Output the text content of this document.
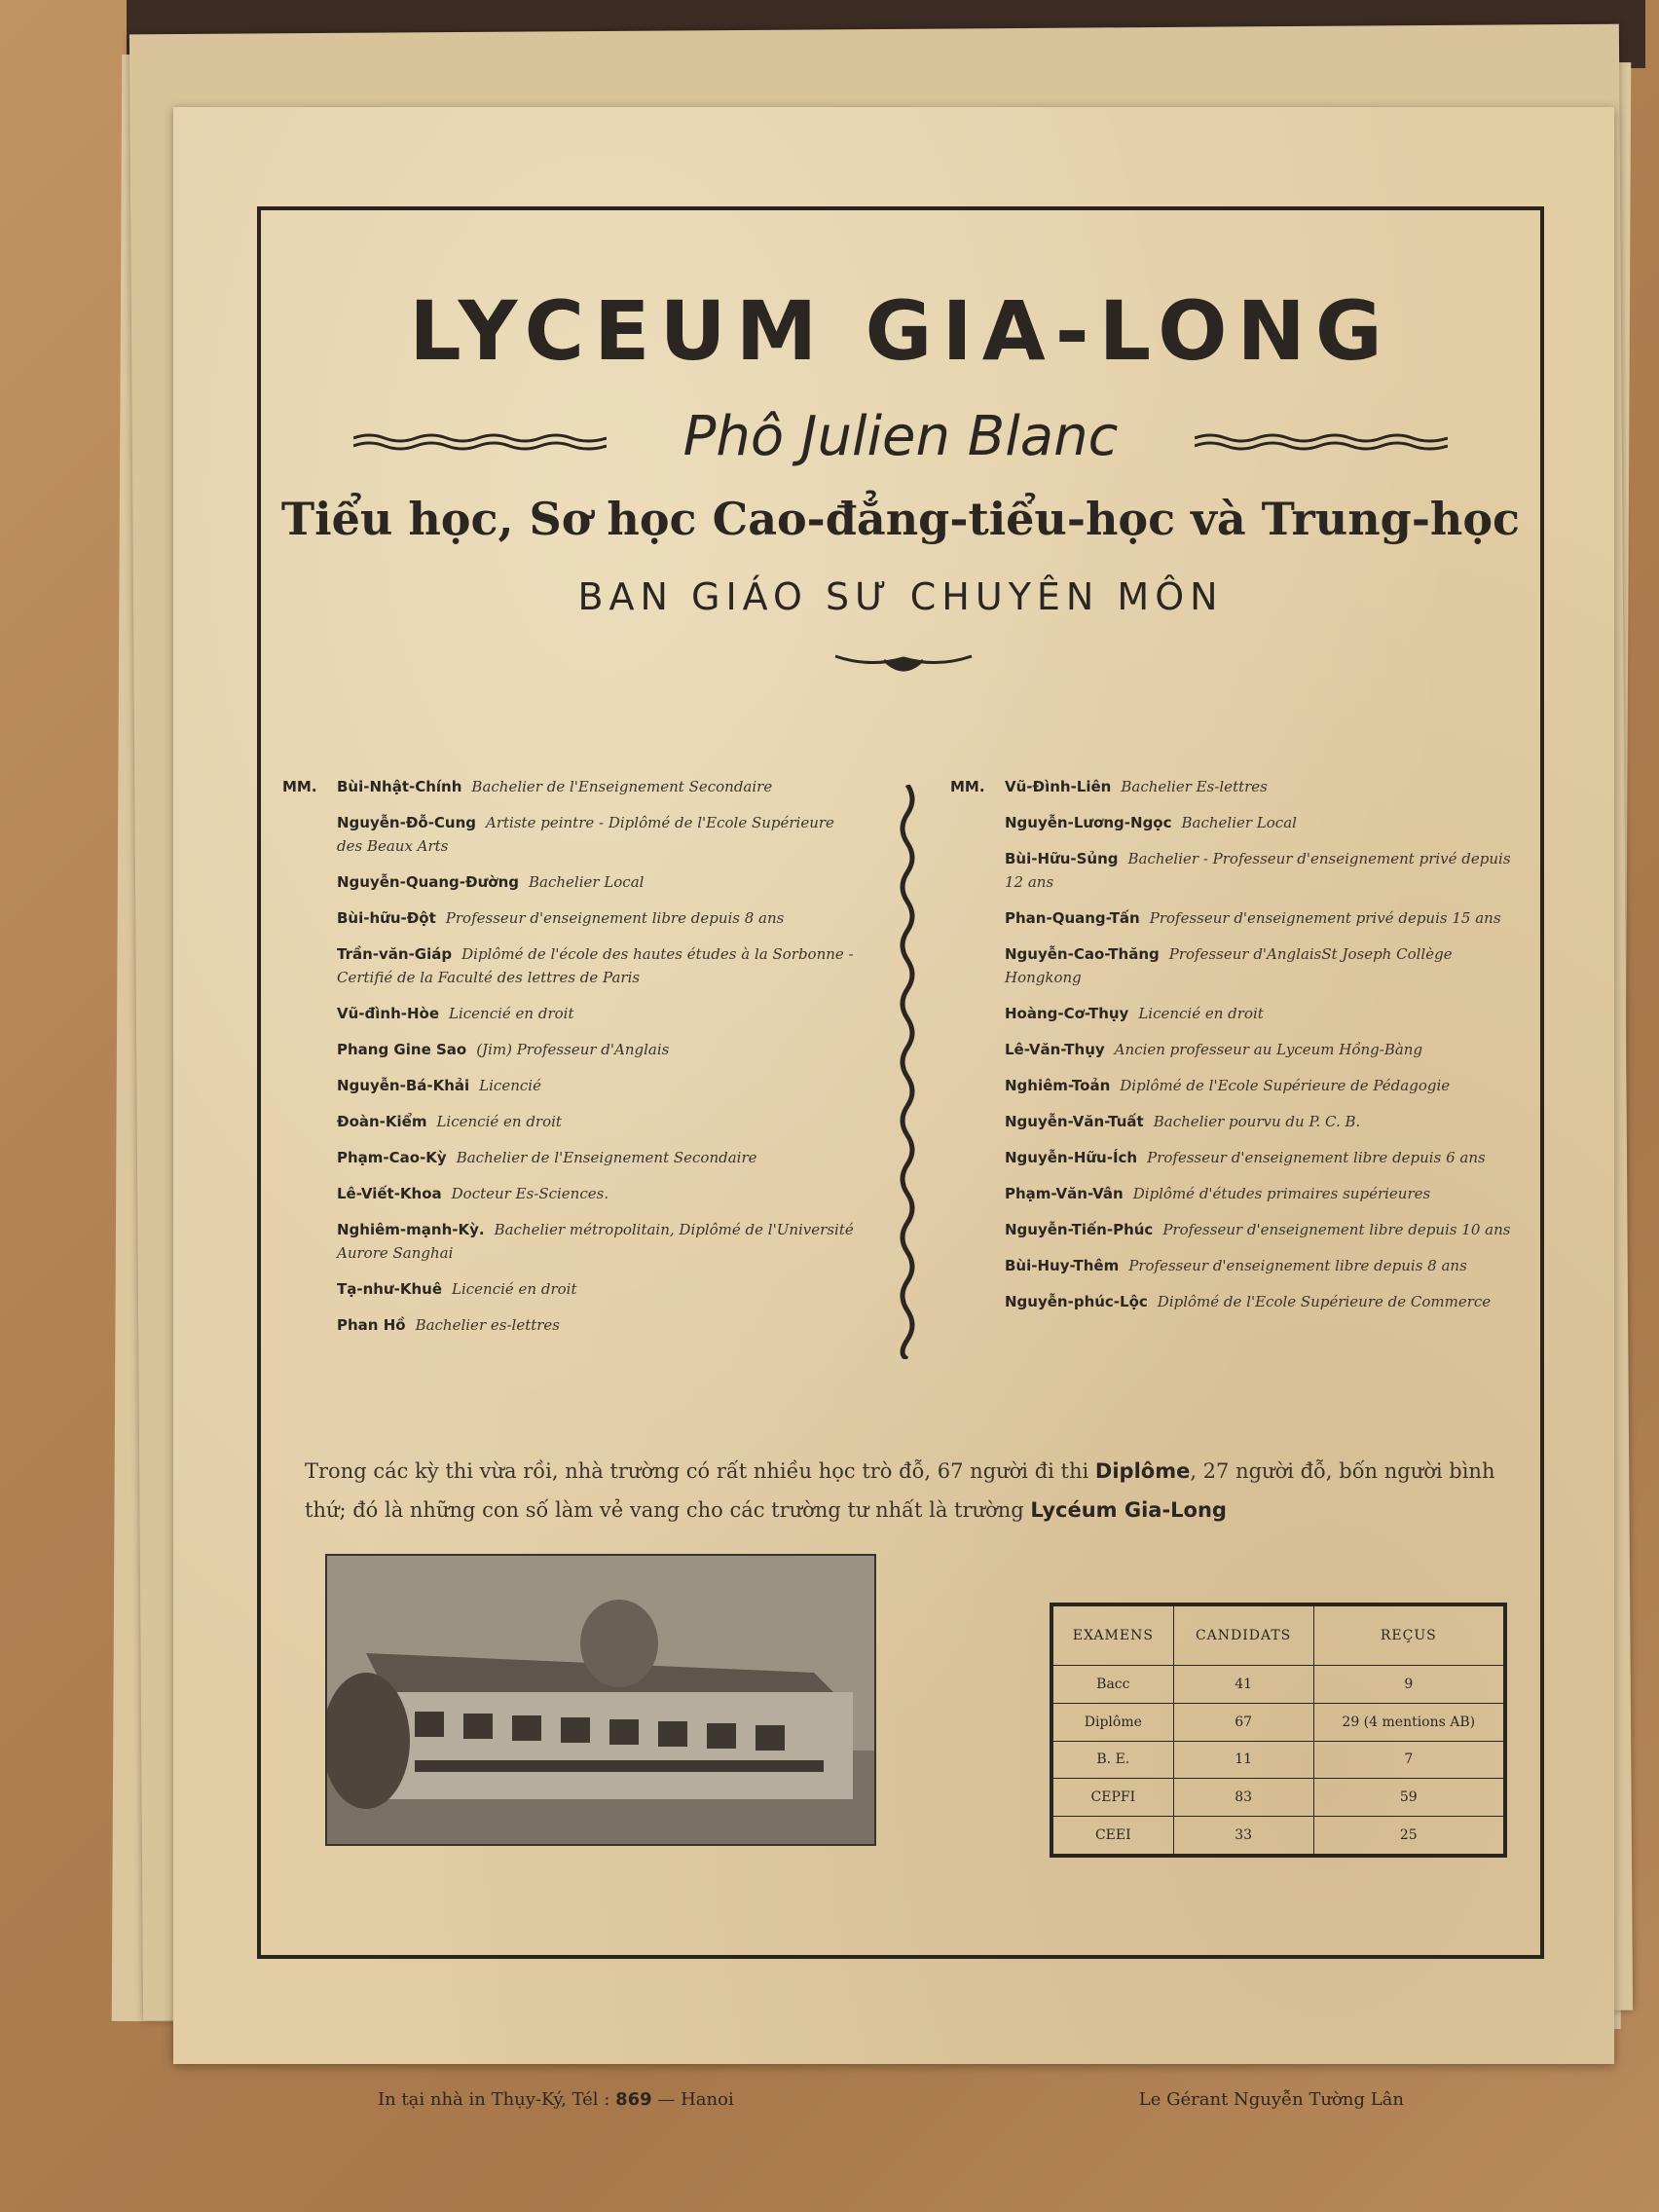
LYCEUM GIA-LONG
Phô Julien Blanc
Tiểu học, Sơ học Cao-đẳng-tiểu-học và Trung-học
BAN GIÁO SƯ CHUYÊN MÔN
MM.	Bùi-Nhật-Chính Bachelier de l'Enseignement Secondaire
Nguyễn-Đỗ-Cung Artiste peintre - Diplômé de l'Ecole Supérieure des Beaux Arts
Nguyễn-Quang-Đường Bachelier Local
Bùi-hữu-Đột Professeur d'enseignement libre depuis 8 ans
Trần-văn-Giáp Diplômé de l'école des hautes études à la Sorbonne - Certifié de la Faculté des lettres de Paris
Vũ-đình-Hòe Licencié en droit
Phang Gine Sao (Jim) Professeur d'Anglais
Nguyễn-Bá-Khải Licencié
Đoàn-Kiểm Licencié en droit
Phạm-Cao-Kỳ Bachelier de l'Enseignement Secondaire
Lê-Viết-Khoa Docteur Es-Sciences.
Nghiêm-mạnh-Kỳ. Bachelier métropolitain, Diplômé de l'Université Aurore Sanghai
Tạ-như-Khuê Licencié en droit
Phan Hồ Bachelier es-lettres
MM.	Vũ-Đình-Liên Bachelier Es-lettres
Nguyễn-Lương-Ngọc Bachelier Local
Bùi-Hữu-Sủng Bachelier - Professeur d'enseignement privé depuis 12 ans
Phan-Quang-Tấn Professeur d'enseignement privé depuis 15 ans
Nguyễn-Cao-Thăng Professeur d'AnglaisSt Joseph Collège Hongkong
Hoàng-Cơ-Thụy Licencié en droit
Lê-Văn-Thụy Ancien professeur au Lyceum Hồng-Bàng
Nghiêm-Toản Diplômé de l'Ecole Supérieure de Pédagogie
Nguyễn-Văn-Tuất Bachelier pourvu du P. C. B.
Nguyễn-Hữu-Ích Professeur d'enseignement libre depuis 6 ans
Phạm-Văn-Vân Diplômé d'études primaires supérieures
Nguyễn-Tiến-Phúc Professeur d'enseignement libre depuis 10 ans
Bùi-Huy-Thêm Professeur d'enseignement libre depuis 8 ans
Nguyễn-phúc-Lộc Diplômé de l'Ecole Supérieure de Commerce
Trong các kỳ thi vừa rồi, nhà trường có rất nhiều học trò đỗ, 67 người đi thi Diplôme, 27 người đỗ, bốn người bình thứ; đó là những con số làm vẻ vang cho các trường tư nhất là trường Lycéum Gia-Long
EXAMENS	CANDIDATS	REÇUS
Bacc	41	9
Diplôme	67	29 (4 mentions AB)
B. E.	11	7
CEPFI	83	59
CEEI	33	25
In tại nhà in Thụy-Ký, Tél : 869 — Hanoi	Le Gérant Nguyễn Tường Lân
